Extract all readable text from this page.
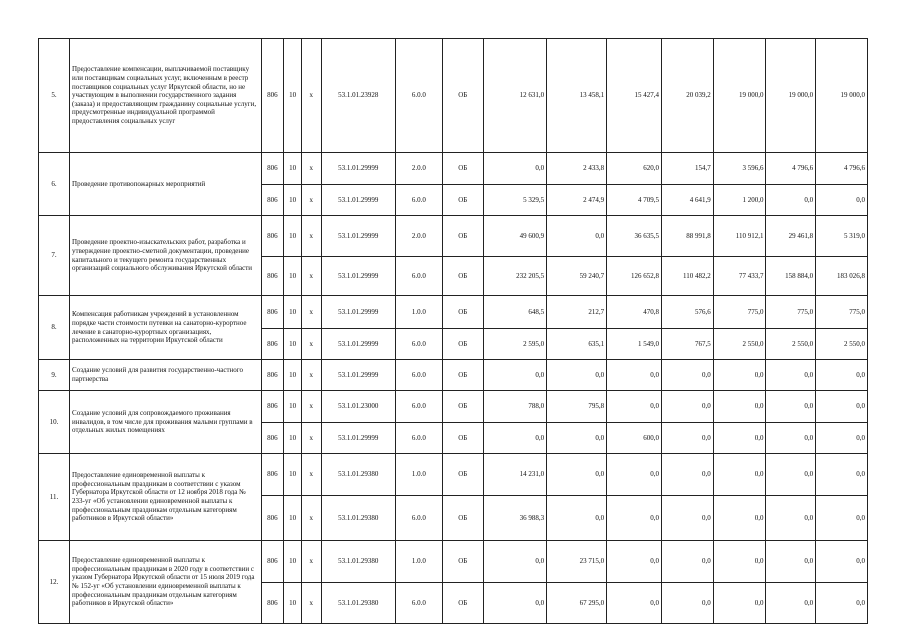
5.	Предоставление компенсации, выплачиваемой поставщику или поставщикам социальных услуг, включенным в реестр поставщиков социальных услуг Иркутской области, но не участвующим в выполнении государственного задания (заказа) и предоставляющим гражданину социальные услуги, предусмотренные индивидуальной программой предоставления социальных услуг	806	10	x	53.1.01.23928	6.0.0	ОБ	12 631,0	13 458,1	15 427,4	20 039,2	19 000,0	19 000,0	19 000,0
6.	Проведение противопожарных мероприятий	806	10	x	53.1.01.29999	2.0.0	ОБ	0,0	2 433,8	620,0	154,7	3 596,6	4 796,6	4 796,6
		806	10	x	53.1.01.29999	6.0.0	ОБ	5 329,5	2 474,9	4 709,5	4 641,9	1 200,0	0,0	0,0
7.	Проведение проектно-изыскательских работ, разработка и утверждение проектно-сметной документации, проведение капитального и текущего ремонта государственных организаций социального обслуживания Иркутской области	806	10	x	53.1.01.29999	2.0.0	ОБ	49 600,9	0,0	36 635,5	88 991,8	110 912,1	29 461,8	5 319,0
		806	10	x	53.1.01.29999	6.0.0	ОБ	232 205,5	59 240,7	126 652,8	110 482,2	77 433,7	158 884,0	183 026,8
8.	Компенсация работникам учреждений в установленном порядке части стоимости путевки на санаторно-курортное лечение в санаторно-курортных организациях, расположенных на территории Иркутской области	806	10	x	53.1.01.29999	1.0.0	ОБ	648,5	212,7	470,8	576,6	775,0	775,0	775,0
		806	10	x	53.1.01.29999	6.0.0	ОБ	2 595,0	635,1	1 549,0	767,5	2 550,0	2 550,0	2 550,0
9.	Создание условий для развития государственно-частного партнерства	806	10	x	53.1.01.29999	6.0.0	ОБ	0,0	0,0	0,0	0,0	0,0	0,0	0,0
10.	Создание условий для сопровождаемого проживания инвалидов, в том числе для проживания малыми группами в отдельных жилых помещениях	806	10	x	53.1.01.23000	6.0.0	ОБ	788,0	795,8	0,0	0,0	0,0	0,0	0,0
		806	10	x	53.1.01.29999	6.0.0	ОБ	0,0	0,0	600,0	0,0	0,0	0,0	0,0
11.	Предоставление единовременной выплаты к профессиональным праздникам в соответствии с указом Губернатора Иркутской области от 12 ноября 2018 года № 233-уг «Об установлении единовременной выплаты к профессиональным праздникам отдельным категориям работников в Иркутской области»	806	10	x	53.1.01.29380	1.0.0	ОБ	14 231,0	0,0	0,0	0,0	0,0	0,0	0,0
		806	10	x	53.1.01.29380	6.0.0	ОБ	36 988,3	0,0	0,0	0,0	0,0	0,0	0,0
12.	Предоставление единовременной выплаты к профессиональным праздникам в 2020 году в соответствии с указом Губернатора Иркутской области от 15 июля 2019 года № 152-уг «Об установлении единовременной выплаты к профессиональным праздникам отдельным категориям работников в Иркутской области»	806	10	x	53.1.01.29380	1.0.0	ОБ	0,0	23 715,0	0,0	0,0	0,0	0,0	0,0
		806	10	x	53.1.01.29380	6.0.0	ОБ	0,0	67 295,0	0,0	0,0	0,0	0,0	0,0
